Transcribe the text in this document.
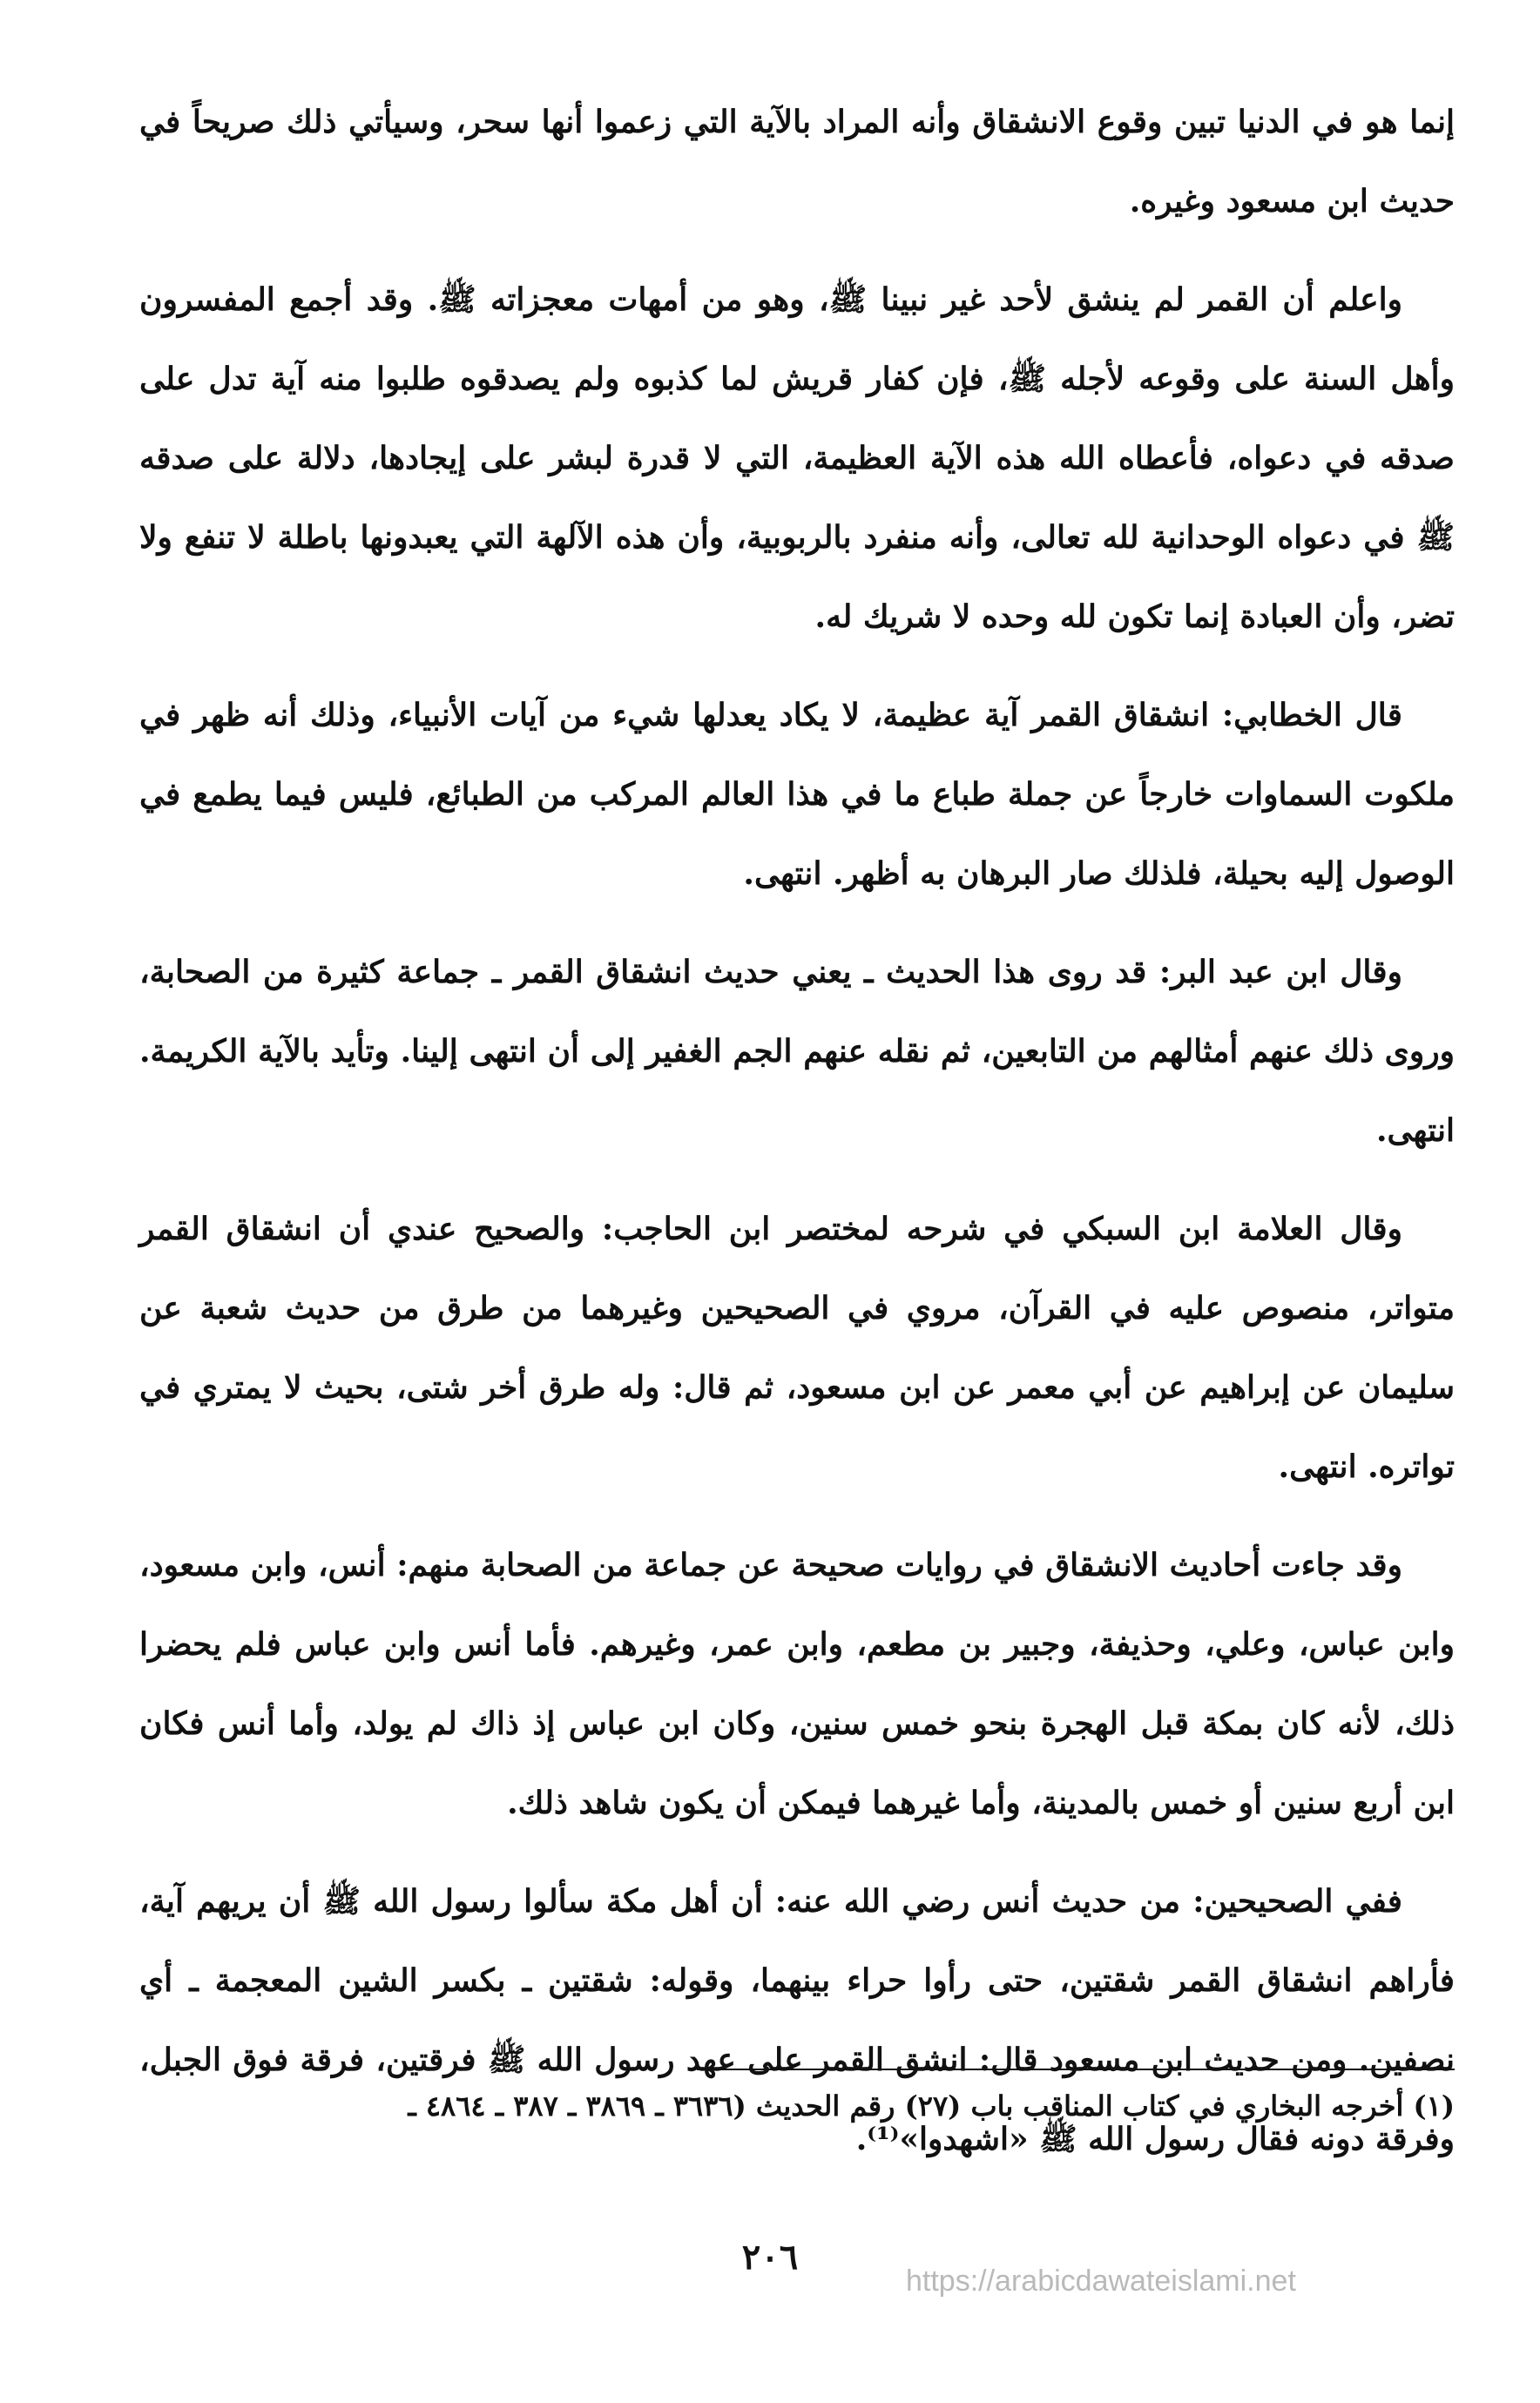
إنما هو في الدنيا تبين وقوع الانشقاق وأنه المراد بالآية التي زعموا أنها سحر، وسيأتي ذلك صريحاً في حديث ابن مسعود وغيره.

واعلم أن القمر لم ينشق لأحد غير نبينا ﷺ، وهو من أمهات معجزاته ﷺ. وقد أجمع المفسرون وأهل السنة على وقوعه لأجله ﷺ، فإن كفار قريش لما كذبوه ولم يصدقوه طلبوا منه آية تدل على صدقه في دعواه، فأعطاه الله هذه الآية العظيمة، التي لا قدرة لبشر على إيجادها، دلالة على صدقه ﷺ في دعواه الوحدانية لله تعالى، وأنه منفرد بالربوبية، وأن هذه الآلهة التي يعبدونها باطلة لا تنفع ولا تضر، وأن العبادة إنما تكون لله وحده لا شريك له.

قال الخطابي: انشقاق القمر آية عظيمة، لا يكاد يعدلها شيء من آيات الأنبياء، وذلك أنه ظهر في ملكوت السماوات خارجاً عن جملة طباع ما في هذا العالم المركب من الطبائع، فليس فيما يطمع في الوصول إليه بحيلة، فلذلك صار البرهان به أظهر. انتهى.

وقال ابن عبد البر: قد روى هذا الحديث ـ يعني حديث انشقاق القمر ـ جماعة كثيرة من الصحابة، وروى ذلك عنهم أمثالهم من التابعين، ثم نقله عنهم الجم الغفير إلى أن انتهى إلينا. وتأيد بالآية الكريمة. انتهى.

وقال العلامة ابن السبكي في شرحه لمختصر ابن الحاجب: والصحيح عندي أن انشقاق القمر متواتر، منصوص عليه في القرآن، مروي في الصحيحين وغيرهما من طرق من حديث شعبة عن سليمان عن إبراهيم عن أبي معمر عن ابن مسعود، ثم قال: وله طرق أخر شتى، بحيث لا يمتري في تواتره. انتهى.

وقد جاءت أحاديث الانشقاق في روايات صحيحة عن جماعة من الصحابة منهم: أنس، وابن مسعود، وابن عباس، وعلي، وحذيفة، وجبير بن مطعم، وابن عمر، وغيرهم. فأما أنس وابن عباس فلم يحضرا ذلك، لأنه كان بمكة قبل الهجرة بنحو خمس سنين، وكان ابن عباس إذ ذاك لم يولد، وأما أنس فكان ابن أربع سنين أو خمس بالمدينة، وأما غيرهما فيمكن أن يكون شاهد ذلك.

ففي الصحيحين: من حديث أنس رضي الله عنه: أن أهل مكة سألوا رسول الله ﷺ أن يريهم آية، فأراهم انشقاق القمر شقتين، حتى رأوا حراء بينهما، وقوله: شقتين ـ بكسر الشين المعجمة ـ أي نصفين. ومن حديث ابن مسعود قال: انشق القمر على عهد رسول الله ﷺ فرقتين، فرقة فوق الجبل، وفرقة دونه فقال رسول الله ﷺ «اشهدوا»⁽¹⁾.

(١) أخرجه البخاري في كتاب المناقب باب (٢٧) رقم الحديث (٣٦٣٦ ـ ٣٨٦٩ ـ ٣٨٧ ـ ٤٨٦٤ ـ
٢٠٦
https://arabicdawateislami.net
